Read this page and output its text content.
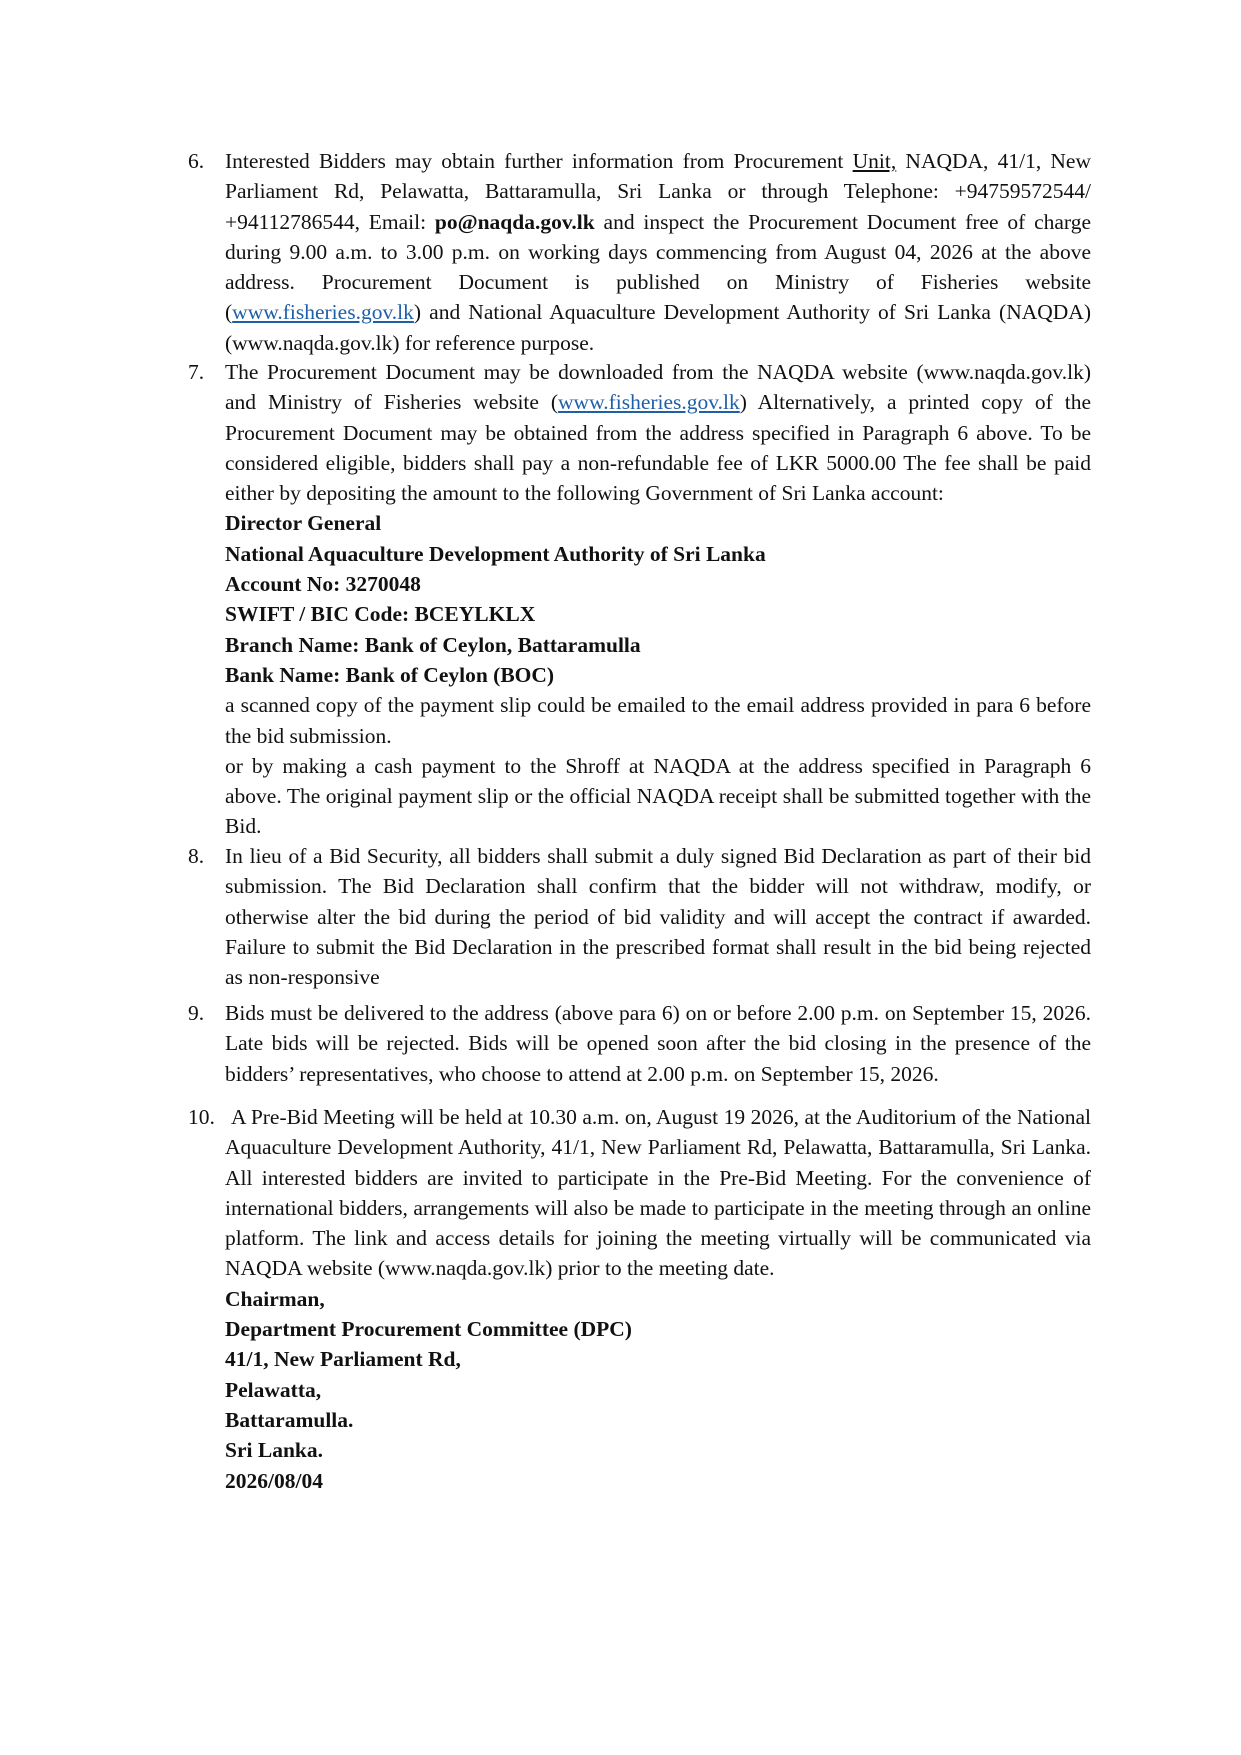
6. Interested Bidders may obtain further information from Procurement Unit, NAQDA, 41/1, New Parliament Rd, Pelawatta, Battaramulla, Sri Lanka or through Telephone: +94759572544/ +94112786544, Email: po@naqda.gov.lk and inspect the Procurement Document free of charge during 9.00 a.m. to 3.00 p.m. on working days commencing from August 04, 2026 at the above address. Procurement Document is published on Ministry of Fisheries website (www.fisheries.gov.lk) and National Aquaculture Development Authority of Sri Lanka (NAQDA) (www.naqda.gov.lk) for reference purpose.

7. The Procurement Document may be downloaded from the NAQDA website (www.naqda.gov.lk) and Ministry of Fisheries website (www.fisheries.gov.lk) Alternatively, a printed copy of the Procurement Document may be obtained from the address specified in Paragraph 6 above. To be considered eligible, bidders shall pay a non-refundable fee of LKR 5000.00 The fee shall be paid either by depositing the amount to the following Government of Sri Lanka account:

Director General

National Aquaculture Development Authority of Sri Lanka

Account No: 3270048

SWIFT / BIC Code: BCEYLKLX

Branch Name: Bank of Ceylon, Battaramulla

Bank Name: Bank of Ceylon (BOC)

a scanned copy of the payment slip could be emailed to the email address provided in para 6 before the bid submission.

or by making a cash payment to the Shroff at NAQDA at the address specified in Paragraph 6 above. The original payment slip or the official NAQDA receipt shall be submitted together with the Bid.

8. In lieu of a Bid Security, all bidders shall submit a duly signed Bid Declaration as part of their bid submission. The Bid Declaration shall confirm that the bidder will not withdraw, modify, or otherwise alter the bid during the period of bid validity and will accept the contract if awarded. Failure to submit the Bid Declaration in the prescribed format shall result in the bid being rejected as non-responsive

9. Bids must be delivered to the address (above para 6) on or before 2.00 p.m. on September 15, 2026. Late bids will be rejected. Bids will be opened soon after the bid closing in the presence of the bidders’ representatives, who choose to attend at 2.00 p.m. on September 15, 2026.

10. A Pre-Bid Meeting will be held at 10.30 a.m. on, August 19 2026, at the Auditorium of the National Aquaculture Development Authority, 41/1, New Parliament Rd, Pelawatta, Battaramulla, Sri Lanka. All interested bidders are invited to participate in the Pre-Bid Meeting. For the convenience of international bidders, arrangements will also be made to participate in the meeting through an online platform. The link and access details for joining the meeting virtually will be communicated via NAQDA website (www.naqda.gov.lk) prior to the meeting date.

Chairman,

Department Procurement Committee (DPC)

41/1, New Parliament Rd,

Pelawatta,

Battaramulla.

Sri Lanka.

2026/08/04
